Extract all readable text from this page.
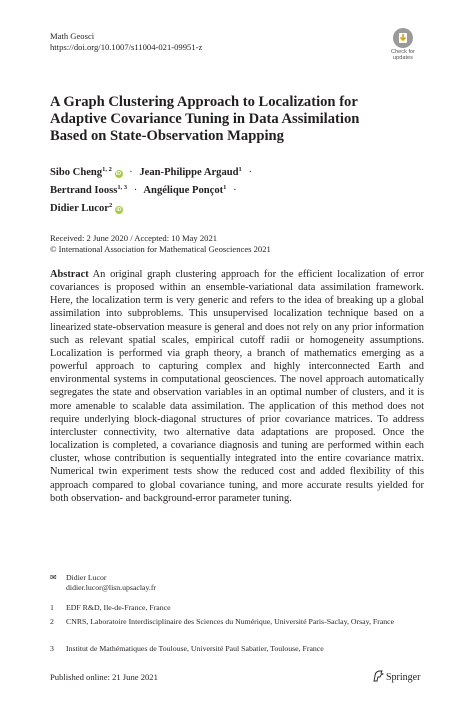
Math Geosci
https://doi.org/10.1007/s11004-021-09951-z	Check for updates
A Graph Clustering Approach to Localization for
Adaptive Covariance Tuning in Data Assimilation
Based on State-Observation Mapping
Sibo Cheng$^{1, 2}$ iD · Jean-Philippe Argaud$^1$ ·
Bertrand Iooss$^{1, 3}$ · Angélique Ponçot$^1$ ·
Didier Lucor$^2$ iD
Received: 2 June 2020 / Accepted: 10 May 2021
© International Association for Mathematical Geosciences 2021
Abstract An original graph clustering approach for the efficient localization of error covariances is proposed within an ensemble-variational data assimilation framework. Here, the localization term is very generic and refers to the idea of breaking up a global assimilation into subproblems. This unsupervised localization technique based on a linearized state-observation measure is general and does not rely on any prior information such as relevant spatial scales, empirical cutoff radii or homogeneity assumptions. Localization is performed via graph theory, a branch of mathematics emerging as a powerful approach to capturing complex and highly interconnected Earth and environmental systems in computational geosciences. The novel approach automatically segregates the state and observation variables in an optimal number of clusters, and it is more amenable to scalable data assimilation. The application of this method does not require underlying block-diagonal structures of prior covariance matrices. To address intercluster connectivity, two alternative data adaptations are proposed. Once the localization is completed, a covariance diagnosis and tuning are performed within each cluster, whose contribution is sequentially integrated into the entire covariance matrix. Numerical twin experiment tests show the reduced cost and added flexibility of this approach compared to global covariance tuning, and more accurate results yielded for both observation- and background-error parameter tuning.
✉ Didier Lucor
didier.lucor@lisn.upsaclay.fr
1 EDF R&D, Ile-de-France, France
2 CNRS, Laboratoire Interdisciplinaire des Sciences du Numérique, Université Paris-Saclay, Orsay, France
3 Institut de Mathématiques de Toulouse, Université Paul Sabatier, Toulouse, France
Published online: 21 June 2021	Springer
